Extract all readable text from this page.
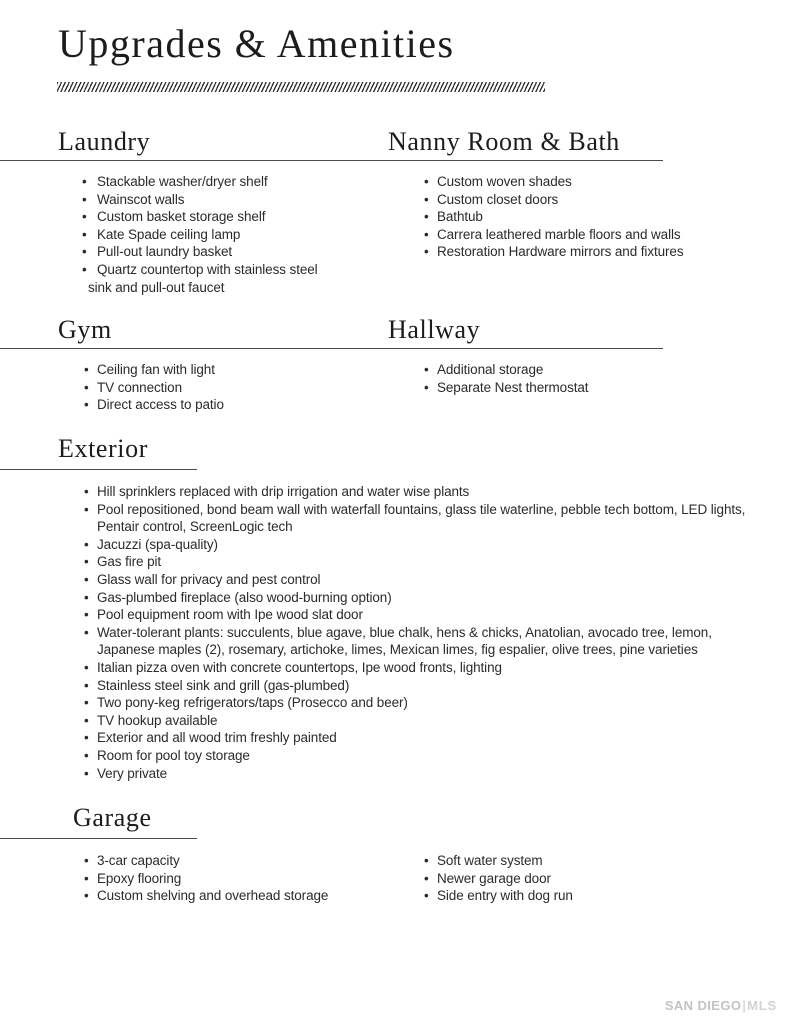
Upgrades & Amenities
Laundry	Nanny Room & Bath
• Stackable washer/dryer shelf
• Wainscot walls
• Custom basket storage shelf
• Kate Spade ceiling lamp
• Pull-out laundry basket
• Quartz countertop with stainless steel sink and pull-out faucet
• Custom woven shades
• Custom closet doors
• Bathtub
• Carrera leathered marble floors and walls
• Restoration Hardware mirrors and fixtures
Gym	Hallway
• Ceiling fan with light
• TV connection
• Direct access to patio
• Additional storage
• Separate Nest thermostat
Exterior
• Hill sprinklers replaced with drip irrigation and water wise plants
• Pool repositioned, bond beam wall with waterfall fountains, glass tile waterline, pebble tech bottom, LED lights, Pentair control, ScreenLogic tech
• Jacuzzi (spa-quality)
• Gas fire pit
• Glass wall for privacy and pest control
• Gas-plumbed fireplace (also wood-burning option)
• Pool equipment room with Ipe wood slat door
• Water-tolerant plants: succulents, blue agave, blue chalk, hens & chicks, Anatolian, avocado tree, lemon, Japanese maples (2), rosemary, artichoke, limes, Mexican limes, fig espalier, olive trees, pine varieties
• Italian pizza oven with concrete countertops, Ipe wood fronts, lighting
• Stainless steel sink and grill (gas-plumbed)
• Two pony-keg refrigerators/taps (Prosecco and beer)
• TV hookup available
• Exterior and all wood trim freshly painted
• Room for pool toy storage
• Very private
Garage
• 3-car capacity
• Epoxy flooring
• Custom shelving and overhead storage
• Soft water system
• Newer garage door
• Side entry with dog run
SAN DIEGO | MLS
